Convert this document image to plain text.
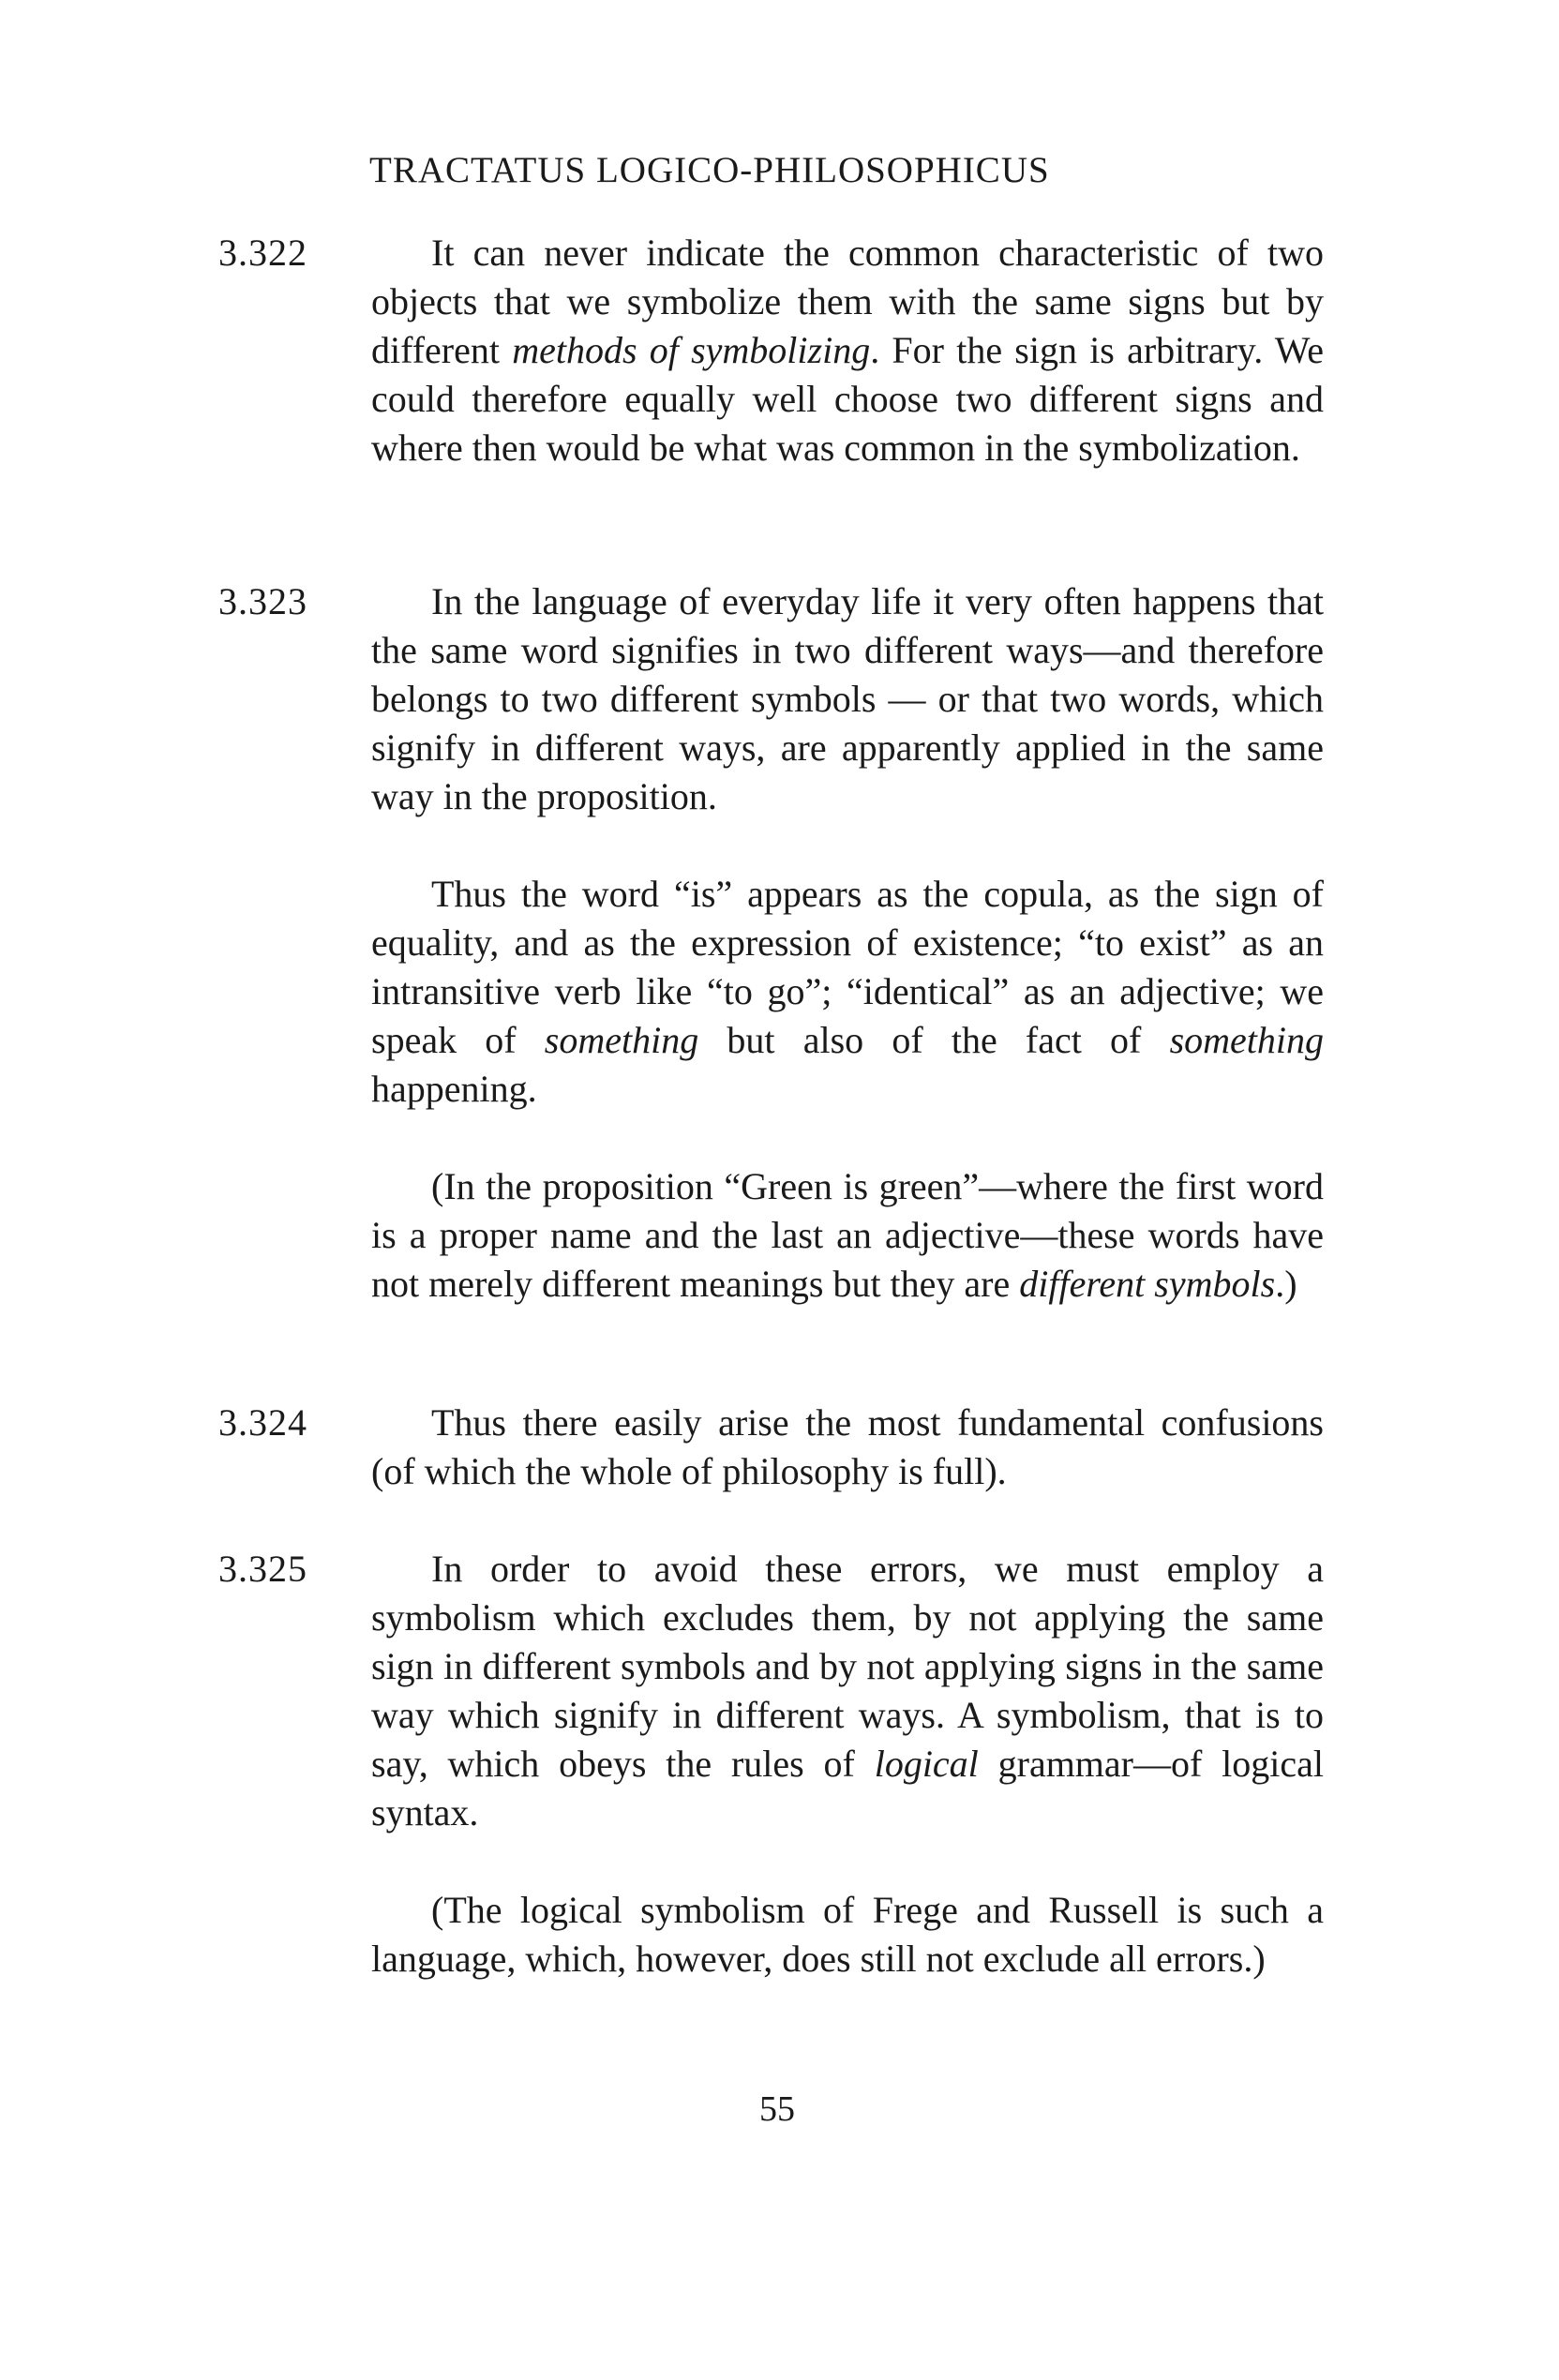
TRACTATUS LOGICO-PHILOSOPHICUS
3.322	It can never indicate the common characteristic of two objects that we symbolize them with the same signs but by different methods of symbolizing. For the sign is arbitrary. We could therefore equally well choose two different signs and where then would be what was common in the symbolization.

3.323	In the language of everyday life it very often happens that the same word signifies in two different ways—and therefore belongs to two different symbols — or that two words, which signify in different ways, are apparently applied in the same way in the proposition.

Thus the word “is” appears as the copula, as the sign of equality, and as the expression of existence; “to exist” as an intransitive verb like “to go”; “identical” as an adjective; we speak of something but also of the fact of something happening.

(In the proposition “Green is green”—where the first word is a proper name and the last an adjective—these words have not merely different meanings but they are different symbols.)

3.324	Thus there easily arise the most fundamental confusions (of which the whole of philosophy is full).

3.325	In order to avoid these errors, we must employ a symbolism which excludes them, by not applying the same sign in different symbols and by not applying signs in the same way which signify in different ways. A symbolism, that is to say, which obeys the rules of logical grammar—of logical syntax.

(The logical symbolism of Frege and Russell is such a language, which, however, does still not exclude all errors.)

55
